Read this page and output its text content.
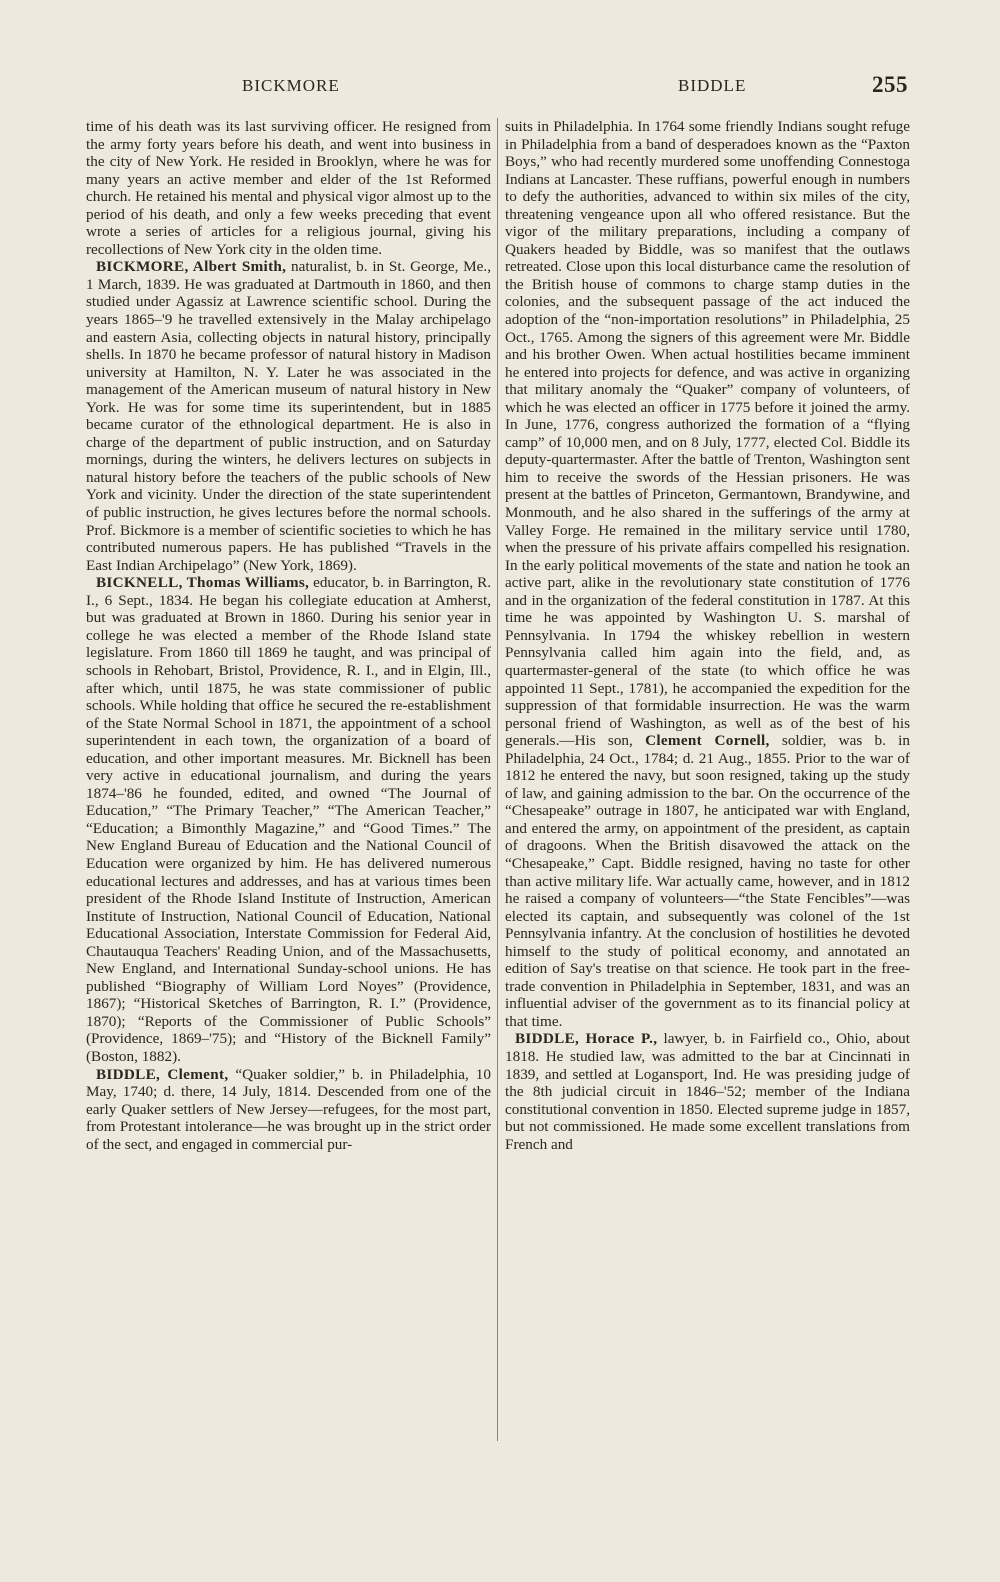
BICKMORE	BIDDLE	255

time of his death was its last surviving officer. He resigned from the army forty years before his death, and went into business in the city of New York. He resided in Brooklyn, where he was for many years an active member and elder of the 1st Reformed church. He retained his mental and physical vigor almost up to the period of his death, and only a few weeks preceding that event wrote a series of articles for a religious journal, giving his recollections of New York city in the olden time.

BICKMORE, Albert Smith, naturalist, b. in St. George, Me., 1 March, 1839. He was graduated at Dartmouth in 1860, and then studied under Agassiz at Lawrence scientific school. During the years 1865–'9 he travelled extensively in the Malay archipelago and eastern Asia, collecting objects in natural history, principally shells. In 1870 he became professor of natural history in Madison university at Hamilton, N. Y. Later he was associated in the management of the American museum of natural history in New York. He was for some time its superintendent, but in 1885 became curator of the ethnological department. He is also in charge of the department of public instruction, and on Saturday mornings, during the winters, he delivers lectures on subjects in natural history before the teachers of the public schools of New York and vicinity. Under the direction of the state superintendent of public instruction, he gives lectures before the normal schools. Prof. Bickmore is a member of scientific societies to which he has contributed numerous papers. He has published “Travels in the East Indian Archipelago” (New York, 1869).

BICKNELL, Thomas Williams, educator, b. in Barrington, R. I., 6 Sept., 1834. He began his collegiate education at Amherst, but was graduated at Brown in 1860. During his senior year in college he was elected a member of the Rhode Island state legislature. From 1860 till 1869 he taught, and was principal of schools in Rehobart, Bristol, Providence, R. I., and in Elgin, Ill., after which, until 1875, he was state commissioner of public schools. While holding that office he secured the re-establishment of the State Normal School in 1871, the appointment of a school superintendent in each town, the organization of a board of education, and other important measures. Mr. Bicknell has been very active in educational journalism, and during the years 1874–'86 he founded, edited, and owned “The Journal of Education,” “The Primary Teacher,” “The American Teacher,” “Education; a Bimonthly Magazine,” and “Good Times.” The New England Bureau of Education and the National Council of Education were organized by him. He has delivered numerous educational lectures and addresses, and has at various times been president of the Rhode Island Institute of Instruction, American Institute of Instruction, National Council of Education, National Educational Association, Interstate Commission for Federal Aid, Chautauqua Teachers' Reading Union, and of the Massachusetts, New England, and International Sunday-school unions. He has published “Biography of William Lord Noyes” (Providence, 1867); “Historical Sketches of Barrington, R. I.” (Providence, 1870); “Reports of the Commissioner of Public Schools” (Providence, 1869–'75); and “History of the Bicknell Family” (Boston, 1882).

BIDDLE, Clement, “Quaker soldier,” b. in Philadelphia, 10 May, 1740; d. there, 14 July, 1814. Descended from one of the early Quaker settlers of New Jersey—refugees, for the most part, from Protestant intolerance—he was brought up in the strict order of the sect, and engaged in commercial pur-

suits in Philadelphia. In 1764 some friendly Indians sought refuge in Philadelphia from a band of desperadoes known as the “Paxton Boys,” who had recently murdered some unoffending Connestoga Indians at Lancaster. These ruffians, powerful enough in numbers to defy the authorities, advanced to within six miles of the city, threatening vengeance upon all who offered resistance. But the vigor of the military preparations, including a company of Quakers headed by Biddle, was so manifest that the outlaws retreated. Close upon this local disturbance came the resolution of the British house of commons to charge stamp duties in the colonies, and the subsequent passage of the act induced the adoption of the “non-importation resolutions” in Philadelphia, 25 Oct., 1765. Among the signers of this agreement were Mr. Biddle and his brother Owen. When actual hostilities became imminent he entered into projects for defence, and was active in organizing that military anomaly the “Quaker” company of volunteers, of which he was elected an officer in 1775 before it joined the army. In June, 1776, congress authorized the formation of a “flying camp” of 10,000 men, and on 8 July, 1777, elected Col. Biddle its deputy-quartermaster. After the battle of Trenton, Washington sent him to receive the swords of the Hessian prisoners. He was present at the battles of Princeton, Germantown, Brandywine, and Monmouth, and he also shared in the sufferings of the army at Valley Forge. He remained in the military service until 1780, when the pressure of his private affairs compelled his resignation. In the early political movements of the state and nation he took an active part, alike in the revolutionary state constitution of 1776 and in the organization of the federal constitution in 1787. At this time he was appointed by Washington U. S. marshal of Pennsylvania. In 1794 the whiskey rebellion in western Pennsylvania called him again into the field, and, as quartermaster-general of the state (to which office he was appointed 11 Sept., 1781), he accompanied the expedition for the suppression of that formidable insurrection. He was the warm personal friend of Washington, as well as of the best of his generals.—His son, Clement Cornell, soldier, was b. in Philadelphia, 24 Oct., 1784; d. 21 Aug., 1855. Prior to the war of 1812 he entered the navy, but soon resigned, taking up the study of law, and gaining admission to the bar. On the occurrence of the “Chesapeake” outrage in 1807, he anticipated war with England, and entered the army, on appointment of the president, as captain of dragoons. When the British disavowed the attack on the “Chesapeake,” Capt. Biddle resigned, having no taste for other than active military life. War actually came, however, and in 1812 he raised a company of volunteers—“the State Fencibles”—was elected its captain, and subsequently was colonel of the 1st Pennsylvania infantry. At the conclusion of hostilities he devoted himself to the study of political economy, and annotated an edition of Say's treatise on that science. He took part in the free-trade convention in Philadelphia in September, 1831, and was an influential adviser of the government as to its financial policy at that time.

BIDDLE, Horace P., lawyer, b. in Fairfield co., Ohio, about 1818. He studied law, was admitted to the bar at Cincinnati in 1839, and settled at Logansport, Ind. He was presiding judge of the 8th judicial circuit in 1846–'52; member of the Indiana constitutional convention in 1850. Elected supreme judge in 1857, but not commissioned. He made some excellent translations from French and
